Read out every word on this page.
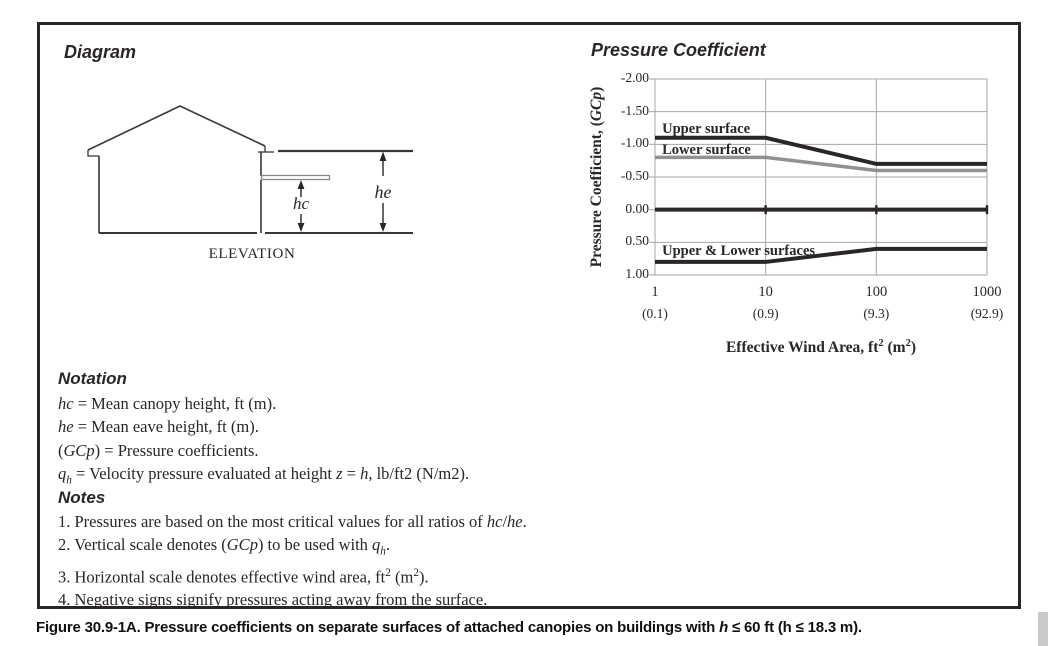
Diagram	Pressure Coefficient
hc
he
ELEVATION
-2.00
-1.50
-1.00
-0.50
0.00
0.50
1.00
1	10	100	1000
(0.1)	(0.9)	(9.3)	(92.9)
Upper surface
Lower surface
Upper & Lower surfaces
Pressure Coefficient, (GCp)
Effective Wind Area, $ft^2$ $(m^2)$
Notation
hc = Mean canopy height, ft (m).
he = Mean eave height, ft (m).
(GCp) = Pressure coefficients.
$q_h$ = Velocity pressure evaluated at height z = h, lb/ft2 (N/m2).
Notes
1. Pressures are based on the most critical values for all ratios of hc/he.
2. Vertical scale denotes (GCp) to be used with $q_h$.
3. Horizontal scale denotes effective wind area, $ft^2$ $(m^2)$.
4. Negative signs signify pressures acting away from the surface.
Figure 30.9-1A. Pressure coefficients on separate surfaces of attached canopies on buildings with h ≤ 60 ft (h ≤ 18.3 m).
